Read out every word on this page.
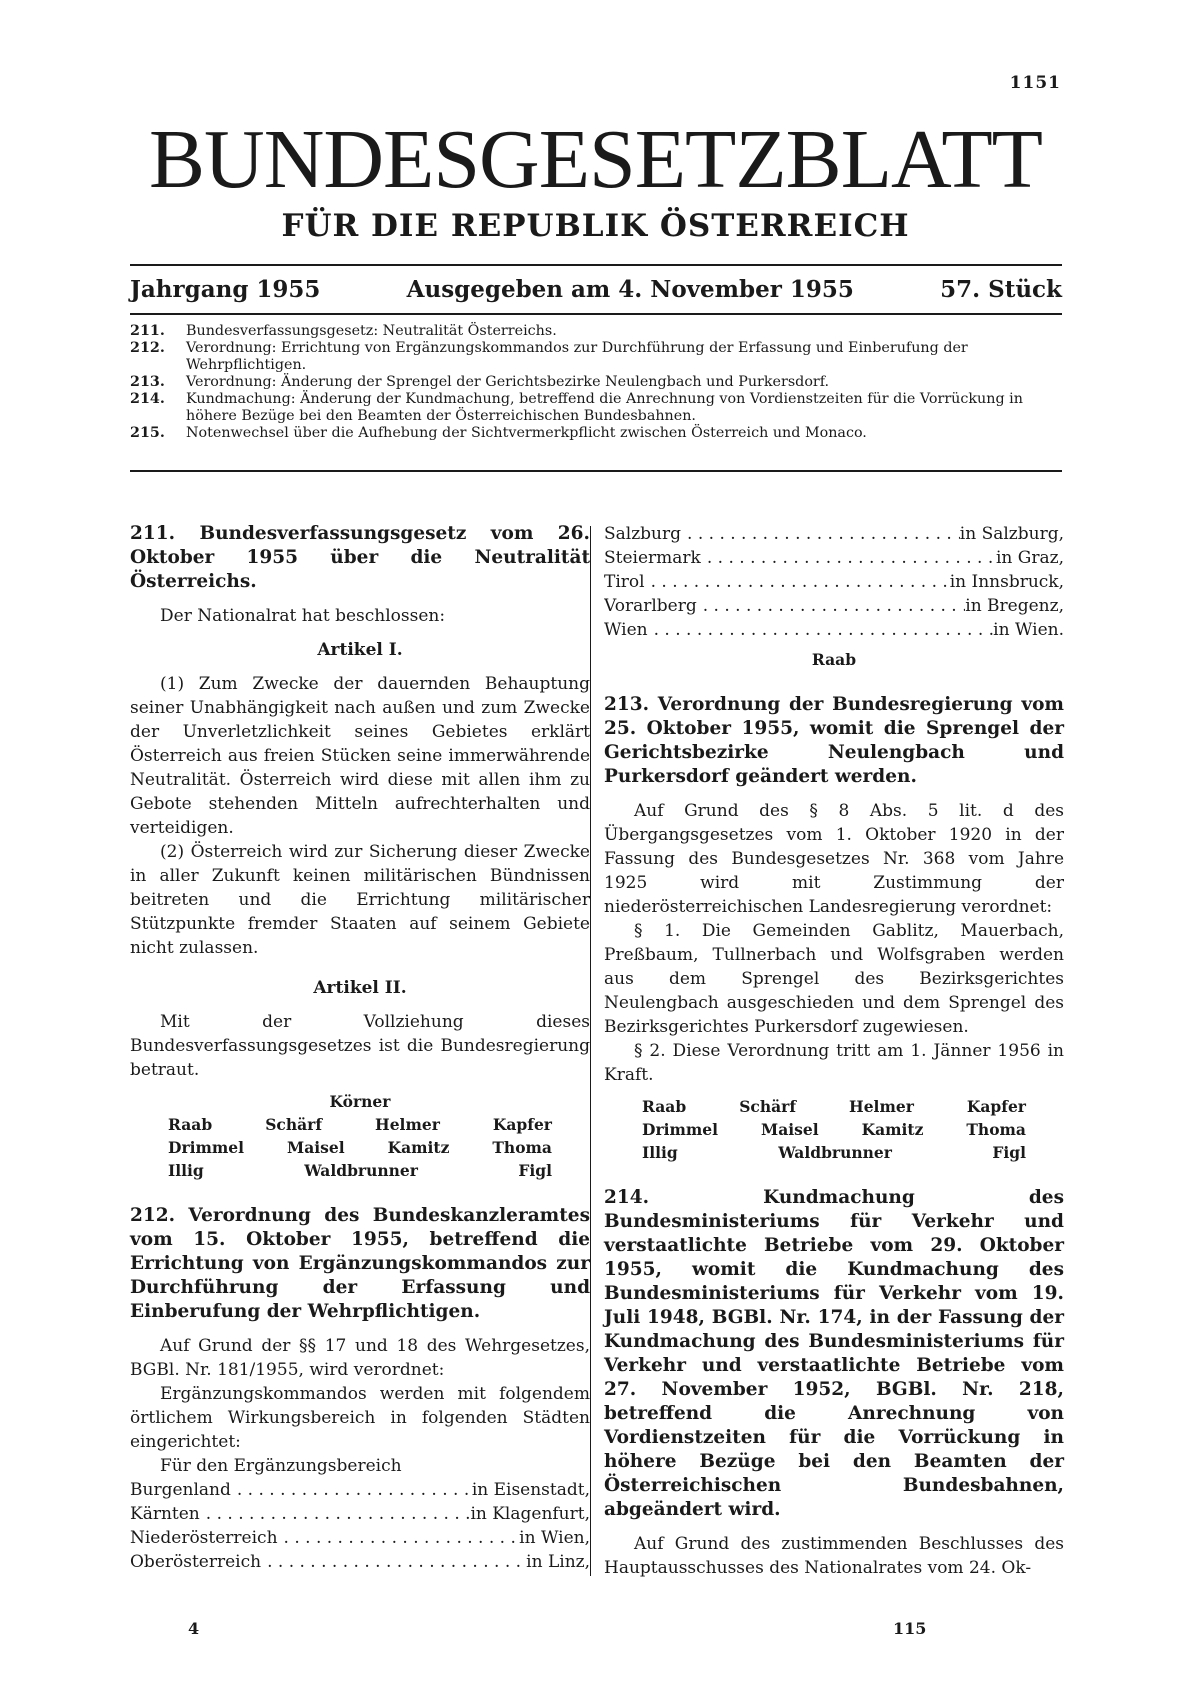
1151
BUNDESGESETZBLATT
FÜR DIE REPUBLIK ÖSTERREICH
Jahrgang 1955	Ausgegeben am 4. November 1955	57. Stück
211.	Bundesverfassungsgesetz: Neutralität Österreichs.
212.	Verordnung: Errichtung von Ergänzungskommandos zur Durchführung der Erfassung und Einberufung der Wehrpflichtigen.
213.	Verordnung: Änderung der Sprengel der Gerichtsbezirke Neulengbach und Purkersdorf.
214.	Kundmachung: Änderung der Kundmachung, betreffend die Anrechnung von Vordienstzeiten für die Vorrückung in höhere Bezüge bei den Beamten der Österreichischen Bundesbahnen.
215.	Notenwechsel über die Aufhebung der Sichtvermerkpflicht zwischen Österreich und Monaco.
211. Bundesverfassungsgesetz vom 26. Oktober 1955 über die Neutralität Österreichs.

Der Nationalrat hat beschlossen:

Artikel I.

(1) Zum Zwecke der dauernden Behauptung seiner Unabhängigkeit nach außen und zum Zwecke der Unverletzlichkeit seines Gebietes erklärt Österreich aus freien Stücken seine immerwährende Neutralität. Österreich wird diese mit allen ihm zu Gebote stehenden Mitteln aufrechterhalten und verteidigen.

(2) Österreich wird zur Sicherung dieser Zwecke in aller Zukunft keinen militärischen Bündnissen beitreten und die Errichtung militärischer Stützpunkte fremder Staaten auf seinem Gebiete nicht zulassen.

Artikel II.

Mit der Vollziehung dieses Bundesverfassungsgesetzes ist die Bundesregierung betraut.

Körner
Raab	Schärf	Helmer	Kapfer
Drimmel	Maisel	Kamitz	Thoma
Illig	Waldbrunner	Figl
212. Verordnung des Bundeskanzleramtes vom 15. Oktober 1955, betreffend die Errichtung von Ergänzungskommandos zur Durchführung der Erfassung und Einberufung der Wehrpflichtigen.

Auf Grund der §§ 17 und 18 des Wehrgesetzes, BGBl. Nr. 181/1955, wird verordnet:

Ergänzungskommandos werden mit folgendem örtlichem Wirkungsbereich in folgenden Städten eingerichtet:

Für den Ergänzungsbereich

Burgenland . . .	in Eisenstadt,
Kärnten . . .	in Klagenfurt,
Niederösterreich . . .	in Wien,
Oberösterreich . . .	in Linz,
Salzburg . . .	in Salzburg,
Steiermark . . .	in Graz,
Tirol . . .	in Innsbruck,
Vorarlberg . . .	in Bregenz,
Wien . . .	in Wien.
Raab
213. Verordnung der Bundesregierung vom 25. Oktober 1955, womit die Sprengel der Gerichtsbezirke Neulengbach und Purkersdorf geändert werden.

Auf Grund des § 8 Abs. 5 lit. d des Übergangsgesetzes vom 1. Oktober 1920 in der Fassung des Bundesgesetzes Nr. 368 vom Jahre 1925 wird mit Zustimmung der niederösterreichischen Landesregierung verordnet:

§ 1. Die Gemeinden Gablitz, Mauerbach, Preßbaum, Tullnerbach und Wolfsgraben werden aus dem Sprengel des Bezirksgerichtes Neulengbach ausgeschieden und dem Sprengel des Bezirksgerichtes Purkersdorf zugewiesen.

§ 2. Diese Verordnung tritt am 1. Jänner 1956 in Kraft.

Raab	Schärf	Helmer	Kapfer
Drimmel	Maisel	Kamitz	Thoma
Illig	Waldbrunner	Figl
214.	Kundmachung des Bundesministeriums für Verkehr und verstaatlichte Betriebe vom 29. Oktober 1955, womit die Kundmachung des Bundesministeriums für Verkehr vom 19. Juli 1948, BGBl. Nr. 174, in der Fassung der Kundmachung des Bundesministeriums für Verkehr und verstaatlichte Betriebe vom 27. November 1952, BGBl. Nr. 218, betreffend die Anrechnung von Vordienstzeiten für die Vorrückung in höhere Bezüge bei den Beamten der Österreichischen Bundesbahnen, abgeändert wird.

Auf Grund des zustimmenden Beschlusses des Hauptausschusses des Nationalrates vom 24. Ok-

4	115
